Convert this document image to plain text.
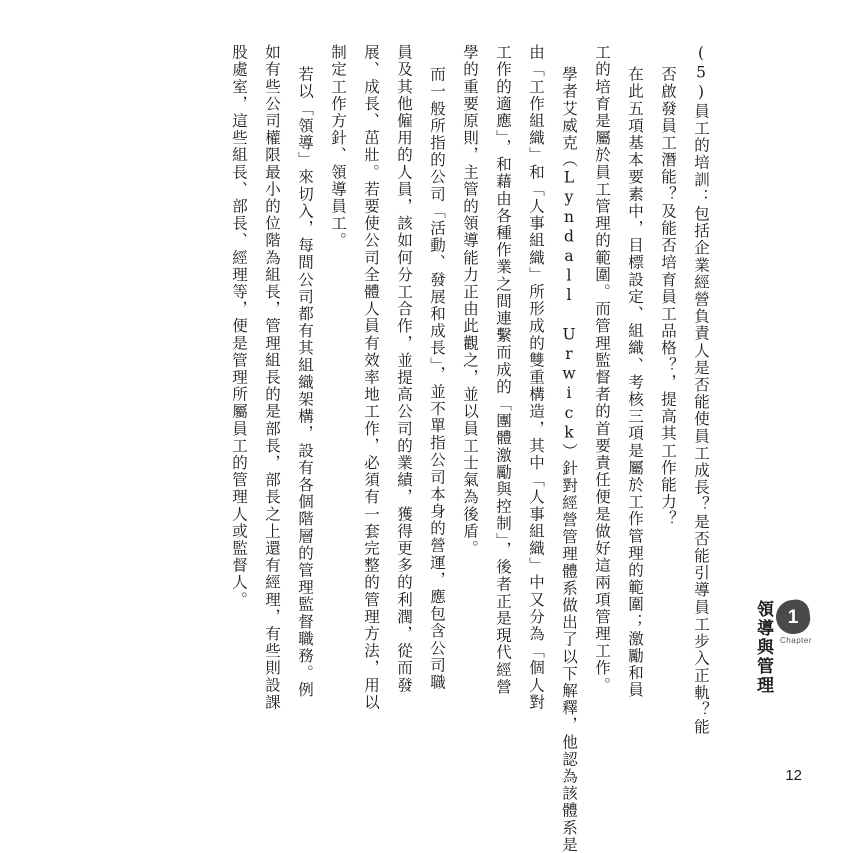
(5)員工的培訓：包括企業經營負責人是否能使員工成長？是否能引導員工步入正軌？能
否啟發員工潛能？及能否培育員工品格？，提高其工作能力？
在此五項基本要素中，目標設定、組織、考核三項是屬於工作管理的範圍；激勵和員
工的培育是屬於員工管理的範圍。而管理監督者的首要責任便是做好這兩項管理工作。
學者艾威克（Lyndall Urwick）針對經營管理體系做出了以下解釋，他認為該體系是
由「工作組織」和「人事組織」所形成的雙重構造，其中「人事組織」中又分為「個人對
工作的適應」，和藉由各種作業之間連繫而成的「團體激勵與控制」，後者正是現代經營
學的重要原則，主管的領導能力正由此觀之，並以員工士氣為後盾。
而一般所指的公司「活動、發展和成長」，並不單指公司本身的營運，應包含公司職
員及其他僱用的人員，該如何分工合作，並提高公司的業績，獲得更多的利潤，從而發
展、成長、茁壯。若要使公司全體人員有效率地工作，必須有一套完整的管理方法，用以
制定工作方針、領導員工。
若以「領導」來切入，每間公司都有其組織架構，設有各個階層的管理監督職務。例
如有些公司權限最小的位階為組長，管理組長的是部長，部長之上還有經理，有些則設課
股處室，這些組長、部長、經理等，便是管理所屬員工的管理人或監督人。
1
Chapter
領導與管理
12
